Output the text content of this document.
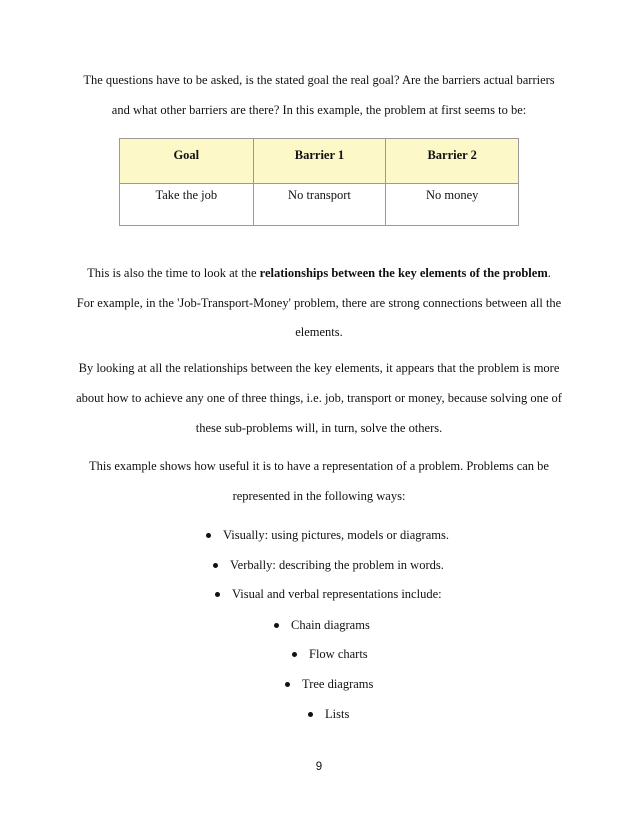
The questions have to be asked, is the stated goal the real goal? Are the barriers actual barriers
and what other barriers are there? In this example, the problem at first seems to be:
Goal	Barrier 1	Barrier 2
Take the job	No transport	No money
This is also the time to look at the relationships between the key elements of the problem.
For example, in the 'Job-Transport-Money' problem, there are strong connections between all the
elements.
By looking at all the relationships between the key elements, it appears that the problem is more
about how to achieve any one of three things, i.e. job, transport or money, because solving one of
these sub-problems will, in turn, solve the others.
This example shows how useful it is to have a representation of a problem. Problems can be
represented in the following ways:
Visually: using pictures, models or diagrams.
Verbally: describing the problem in words.
Visual and verbal representations include:
Chain diagrams
Flow charts
Tree diagrams
Lists
9
